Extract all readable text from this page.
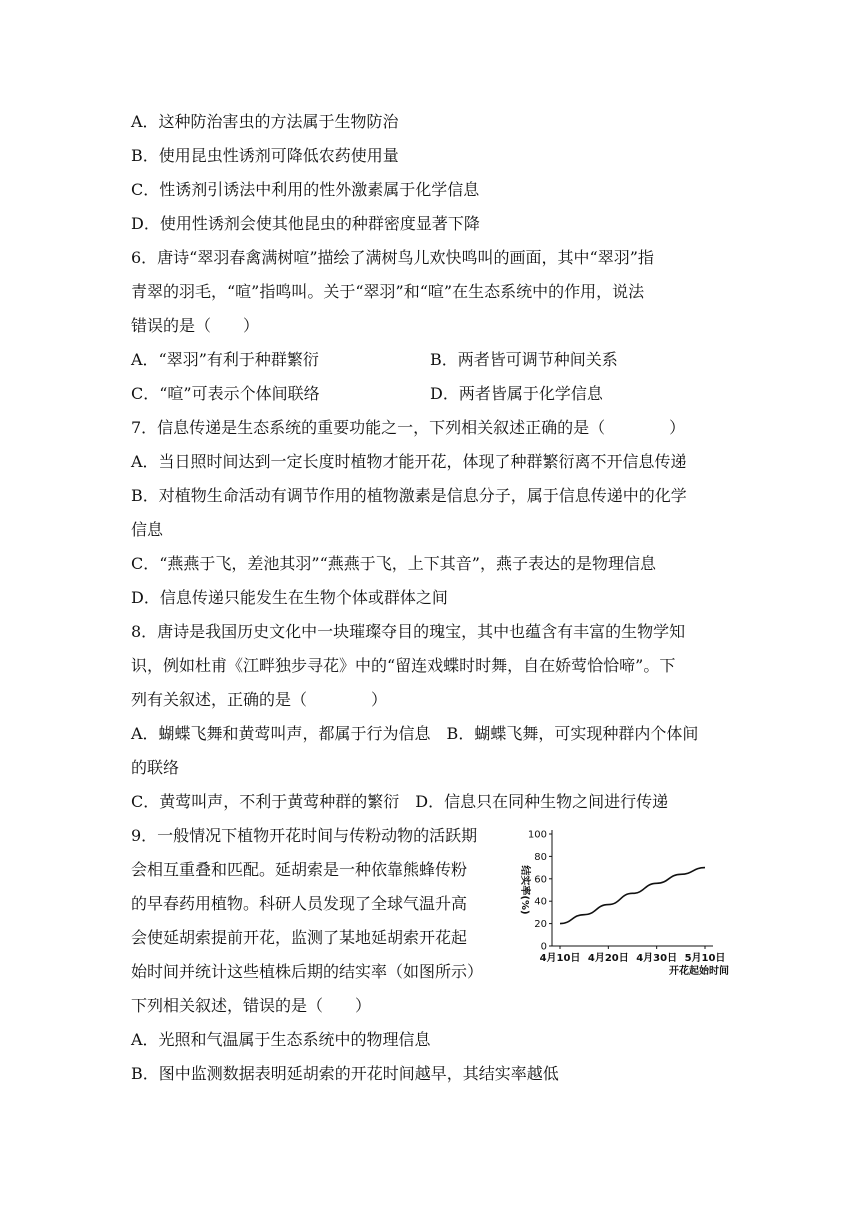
A．这种防治害虫的方法属于生物防治
B．使用昆虫性诱剂可降低农药使用量
C．性诱剂引诱法中利用的性外激素属于化学信息
D．使用性诱剂会使其他昆虫的种群密度显著下降
6．唐诗“翠羽春禽满树喧”描绘了满树鸟儿欢快鸣叫的画面，其中“翠羽”指
青翠的羽毛，“喧”指鸣叫。关于“翠羽”和“喧”在生态系统中的作用，说法
错误的是（　　）
A．“翠羽”有利于种群繁衍	B．两者皆可调节种间关系
C．“喧”可表示个体间联络	D．两者皆属于化学信息
7．信息传递是生态系统的重要功能之一，下列相关叙述正确的是（　　　　）
A．当日照时间达到一定长度时植物才能开花，体现了种群繁衍离不开信息传递
B．对植物生命活动有调节作用的植物激素是信息分子，属于信息传递中的化学
信息
C．“燕燕于飞，差池其羽”“燕燕于飞，上下其音”，燕子表达的是物理信息
D．信息传递只能发生在生物个体或群体之间
8．唐诗是我国历史文化中一块璀璨夺目的瑰宝，其中也蕴含有丰富的生物学知
识，例如杜甫《江畔独步寻花》中的“留连戏蝶时时舞，自在娇莺恰恰啼”。下
列有关叙述，正确的是（　　　　）
A．蝴蝶飞舞和黄莺叫声，都属于行为信息　B．蝴蝶飞舞，可实现种群内个体间
的联络
C．黄莺叫声，不利于黄莺种群的繁衍　D．信息只在同种生物之间进行传递
9．一般情况下植物开花时间与传粉动物的活跃期
会相互重叠和匹配。延胡索是一种依靠熊蜂传粉
的早春药用植物。科研人员发现了全球气温升高
会使延胡索提前开花，监测了某地延胡索开花起
始时间并统计这些植株后期的结实率（如图所示）
下列相关叙述，错误的是（　　）
A．光照和气温属于生态系统中的物理信息
B．图中监测数据表明延胡索的开花时间越早，其结实率越低
0
20
40
60
80
100
4月10日 4月20日 4月30日 5月10日
开花起始时间
结实率(%)
